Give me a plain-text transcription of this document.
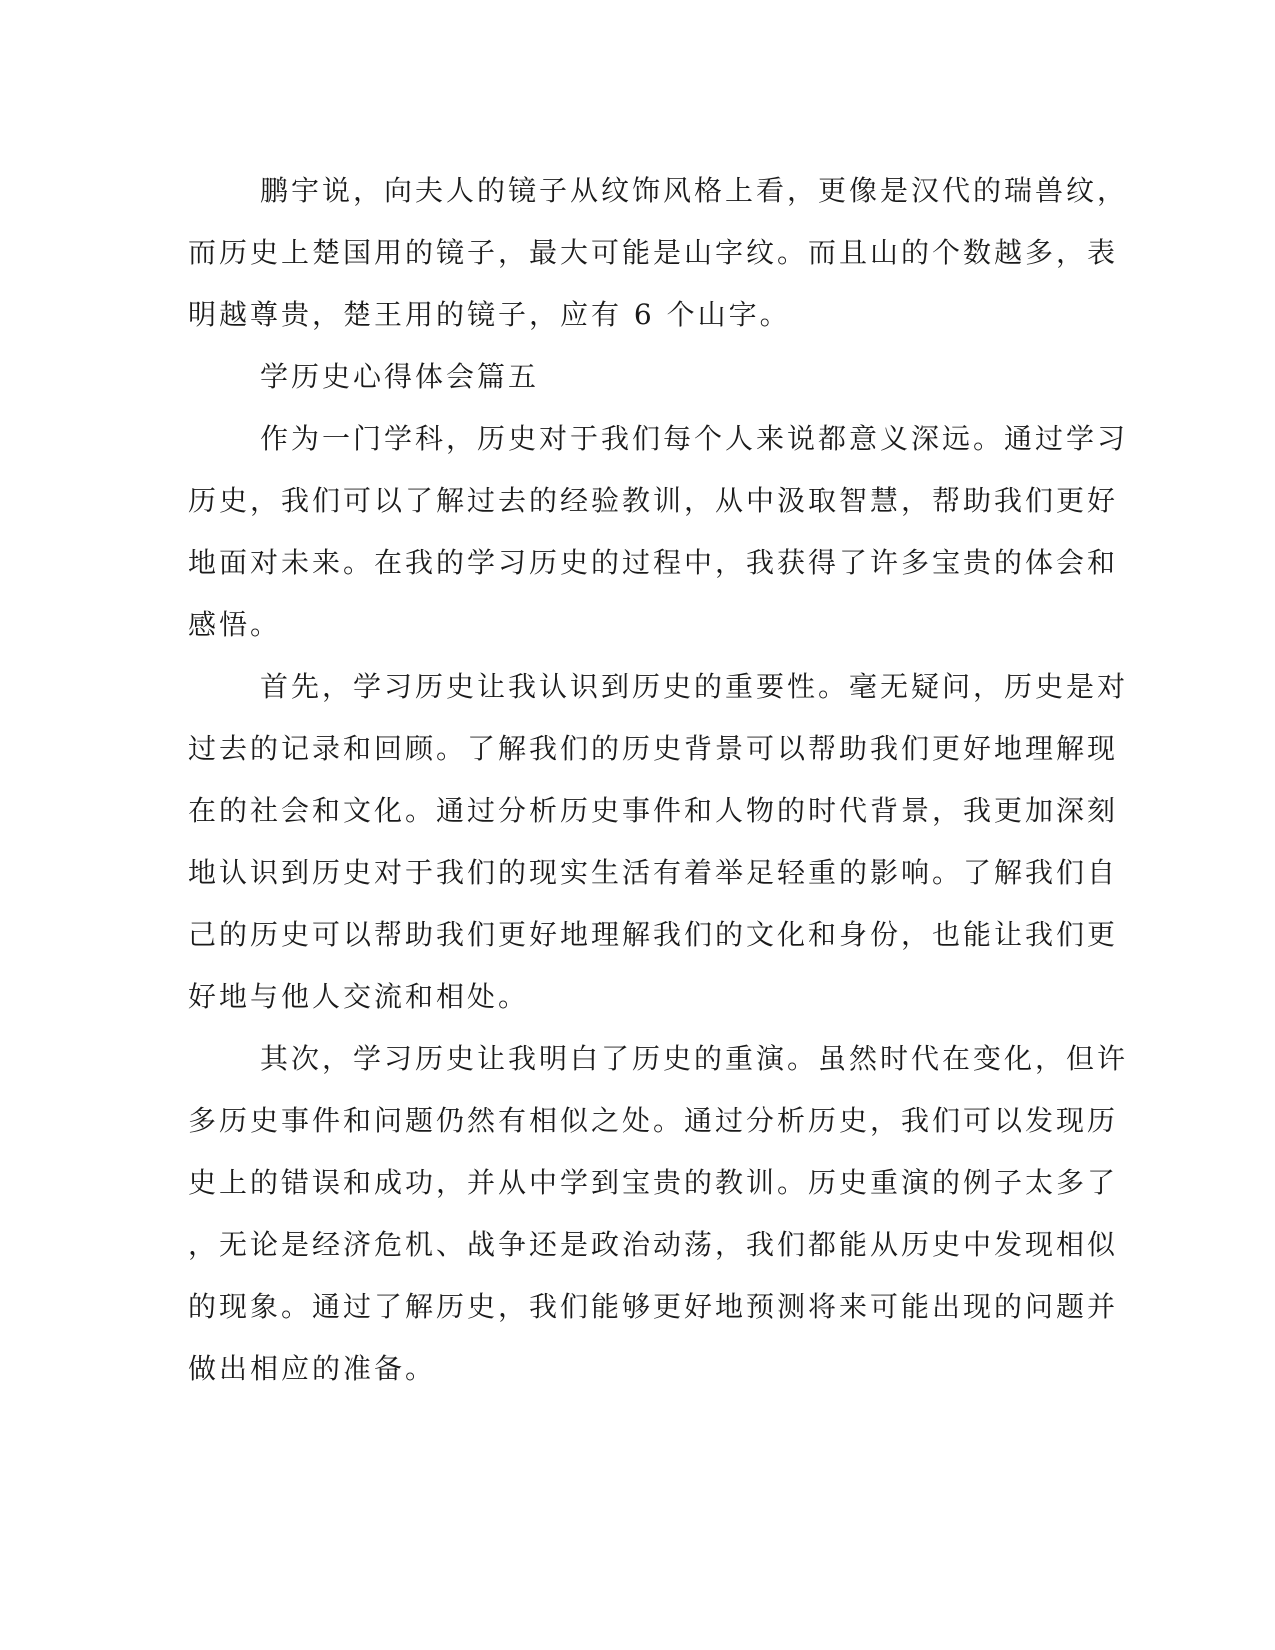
鹏宇说，向夫人的镜子从纹饰风格上看，更像是汉代的瑞兽纹，
而历史上楚国用的镜子，最大可能是山字纹。而且山的个数越多，表
明越尊贵，楚王用的镜子，应有 6 个山字。
学历史心得体会篇五
作为一门学科，历史对于我们每个人来说都意义深远。通过学习
历史，我们可以了解过去的经验教训，从中汲取智慧，帮助我们更好
地面对未来。在我的学习历史的过程中，我获得了许多宝贵的体会和
感悟。
首先，学习历史让我认识到历史的重要性。毫无疑问，历史是对
过去的记录和回顾。了解我们的历史背景可以帮助我们更好地理解现
在的社会和文化。通过分析历史事件和人物的时代背景，我更加深刻
地认识到历史对于我们的现实生活有着举足轻重的影响。了解我们自
己的历史可以帮助我们更好地理解我们的文化和身份，也能让我们更
好地与他人交流和相处。
其次，学习历史让我明白了历史的重演。虽然时代在变化，但许
多历史事件和问题仍然有相似之处。通过分析历史，我们可以发现历
史上的错误和成功，并从中学到宝贵的教训。历史重演的例子太多了
，无论是经济危机、战争还是政治动荡，我们都能从历史中发现相似
的现象。通过了解历史，我们能够更好地预测将来可能出现的问题并
做出相应的准备。
